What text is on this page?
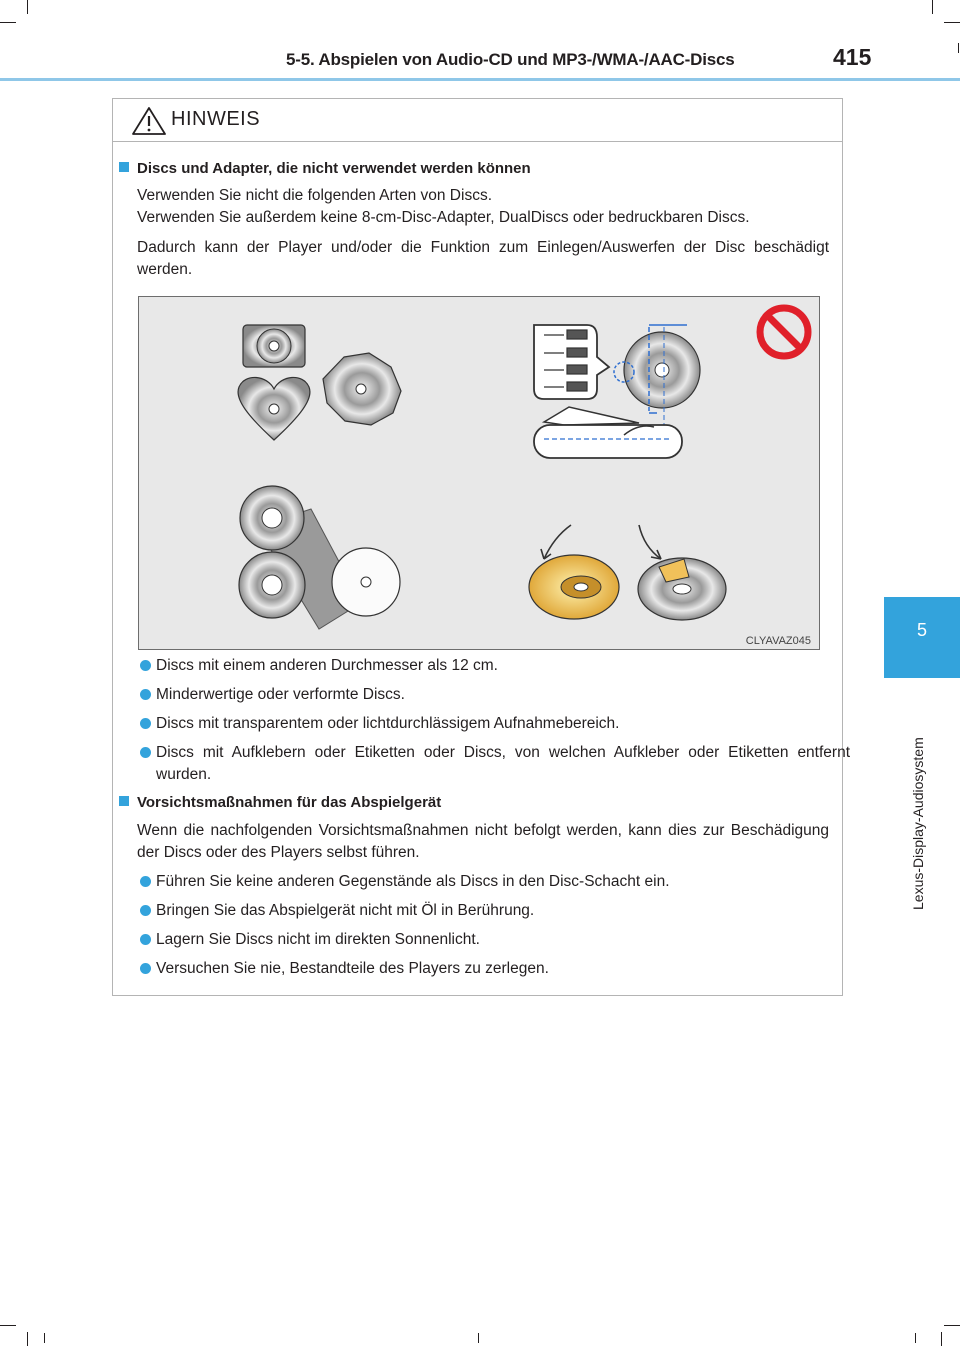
5-5. Abspielen von Audio-CD und MP3-/WMA-/AAC-Discs	415
5
Lexus-Display-Audiosystem
HINWEIS
Discs und Adapter, die nicht verwendet werden können
Verwenden Sie nicht die folgenden Arten von Discs.
Verwenden Sie außerdem keine 8-cm-Disc-Adapter, DualDiscs oder bedruckbaren Discs.
Dadurch kann der Player und/oder die Funktion zum Einlegen/Auswerfen der Disc beschädigt werden.
CLYAVAZ045
Discs mit einem anderen Durchmesser als 12 cm.
Minderwertige oder verformte Discs.
Discs mit transparentem oder lichtdurchlässigem Aufnahmebereich.
Discs mit Aufklebern oder Etiketten oder Discs, von welchen Aufkleber oder Etiketten entfernt wurden.
Vorsichtsmaßnahmen für das Abspielgerät
Wenn die nachfolgenden Vorsichtsmaßnahmen nicht befolgt werden, kann dies zur Beschädigung der Discs oder des Players selbst führen.
Führen Sie keine anderen Gegenstände als Discs in den Disc-Schacht ein.
Bringen Sie das Abspielgerät nicht mit Öl in Berührung.
Lagern Sie Discs nicht im direkten Sonnenlicht.
Versuchen Sie nie, Bestandteile des Players zu zerlegen.
